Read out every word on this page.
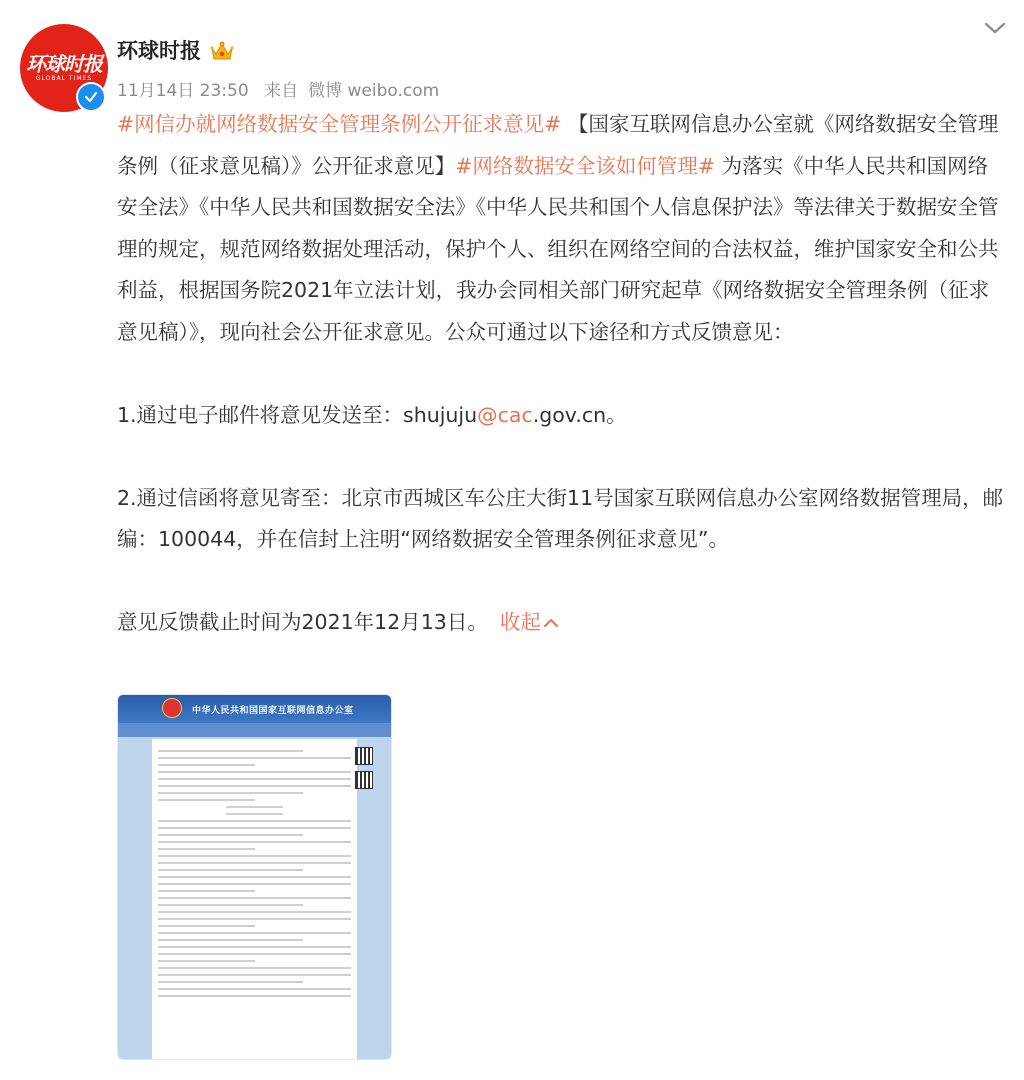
环球时报
GLOBAL TIMES
环球时报
11月14日 23:50 来自 微博 weibo.com

#网信办就网络数据安全管理条例公开征求意见# 【国家互联网信息办公室就《网络数据安全管理条例（征求意见稿）》公开征求意见】#网络数据安全该如何管理# 为落实《中华人民共和国网络安全法》《中华人民共和国数据安全法》《中华人民共和国个人信息保护法》等法律关于数据安全管理的规定，规范网络数据处理活动，保护个人、组织在网络空间的合法权益，维护国家安全和公共利益，根据国务院2021年立法计划，我办会同相关部门研究起草《网络数据安全管理条例（征求意见稿）》，现向社会公开征求意见。公众可通过以下途径和方式反馈意见：

1.通过电子邮件将意见发送至：shujuju@cac.gov.cn。

2.通过信函将意见寄至：北京市西城区车公庄大街11号国家互联网信息办公室网络数据管理局，邮编：100044，并在信封上注明“网络数据安全管理条例征求意见”。

意见反馈截止时间为2021年12月13日。 收起

中华人民共和国国家互联网信息办公室
